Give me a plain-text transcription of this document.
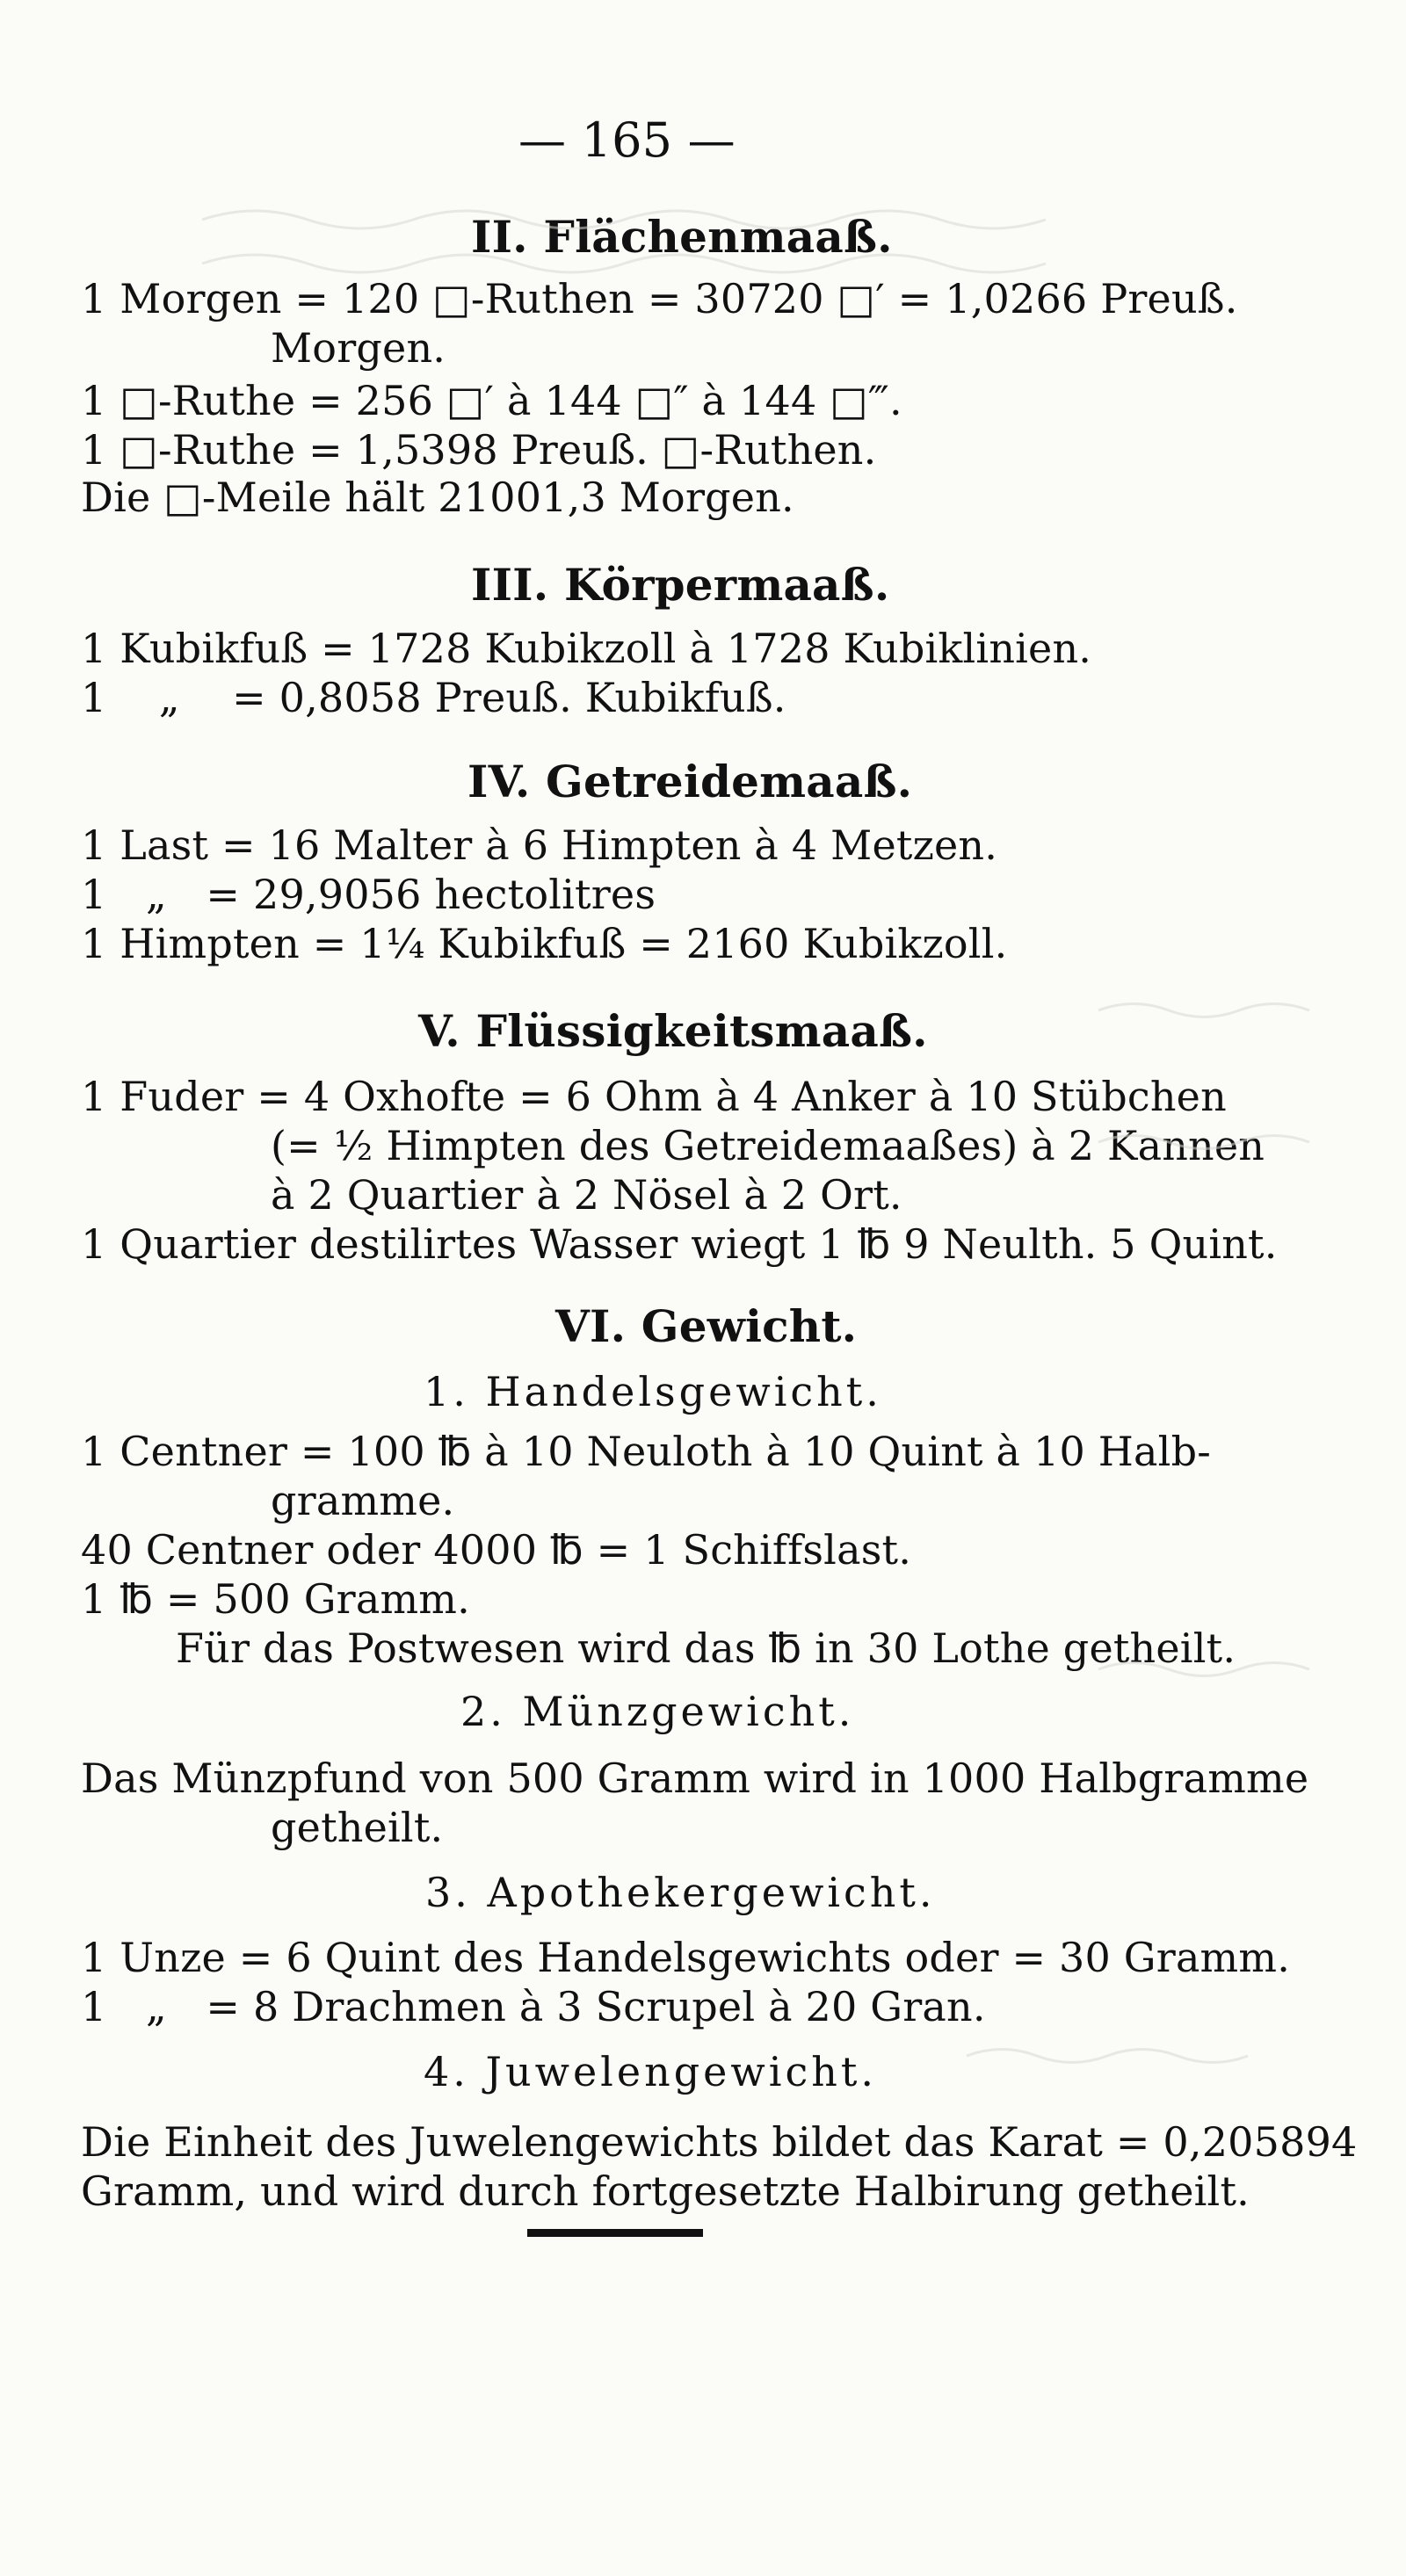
— 165 —
II. Flächenmaaß.
1 Morgen = 120 □-Ruthen = 30720 □′ = 1,0266 Preuß.
Morgen.
1 □-Ruthe = 256 □′ à 144 □″ à 144 □‴.
1 □-Ruthe = 1,5398 Preuß. □-Ruthen.
Die □-Meile hält 21001,3 Morgen.
III. Körpermaaß.
1 Kubikfuß = 1728 Kubikzoll à 1728 Kubiklinien.
1    „    = 0,8058 Preuß. Kubikfuß.
IV. Getreidemaaß.
1 Last = 16 Malter à 6 Himpten à 4 Metzen.
1   „   = 29,9056 hectolitres
1 Himpten = 1¼ Kubikfuß = 2160 Kubikzoll.
V. Flüssigkeitsmaaß.
1 Fuder = 4 Oxhofte = 6 Ohm à 4 Anker à 10 Stübchen
(= ½ Himpten des Getreidemaaßes) à 2 Kannen
à 2 Quartier à 2 Nösel à 2 Ort.
1 Quartier destilirtes Wasser wiegt 1 ℔ 9 Neulth. 5 Quint.
VI. Gewicht.
1. Handelsgewicht.
1 Centner = 100 ℔ à 10 Neuloth à 10 Quint à 10 Halb-
gramme.
40 Centner oder 4000 ℔ = 1 Schiffslast.
1 ℔ = 500 Gramm.
Für das Postwesen wird das ℔ in 30 Lothe getheilt.
2. Münzgewicht.
Das Münzpfund von 500 Gramm wird in 1000 Halbgramme
getheilt.
3. Apothekergewicht.
1 Unze = 6 Quint des Handelsgewichts oder = 30 Gramm.
1   „   = 8 Drachmen à 3 Scrupel à 20 Gran.
4. Juwelengewicht.
Die Einheit des Juwelengewichts bildet das Karat = 0,205894
Gramm, und wird durch fortgesetzte Halbirung getheilt.
